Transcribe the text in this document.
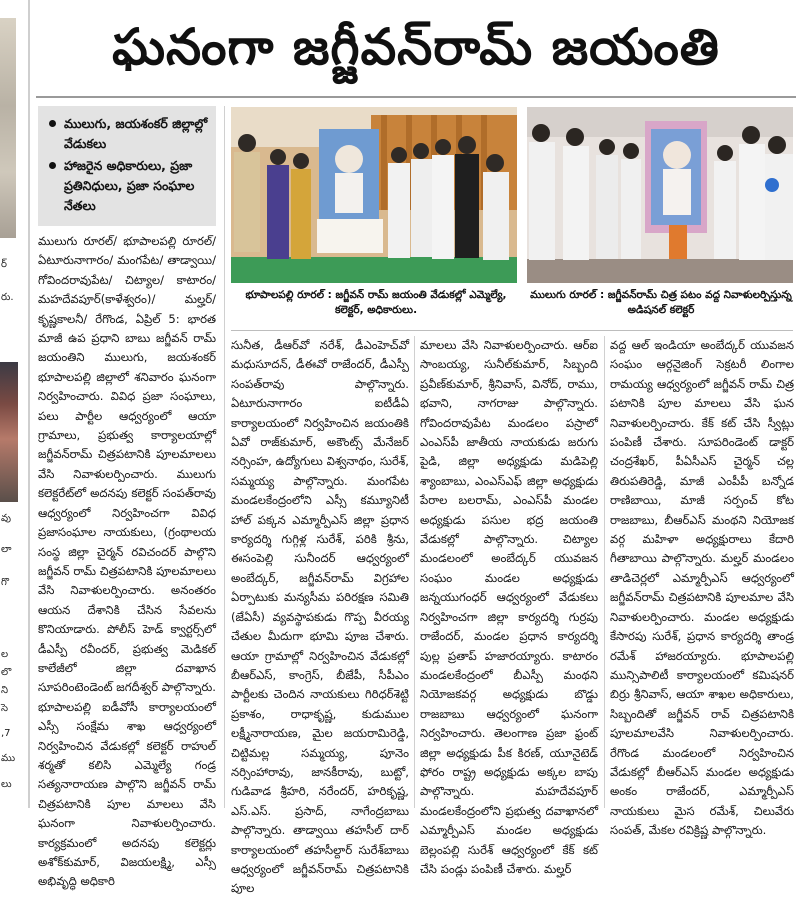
ర్
రు.
వు
లా
గొ
ల
లొ
ని
సె
,7
ము
లు
ఘనంగా జగ్జీవన్‌రామ్ జయంతి
ములుగు, జయశంకర్ జిల్లాల్లో వేడుకలు
హాజరైన అధికారులు, ప్రజా ప్రతినిధులు, ప్రజా సంఘాల నేతలు
భూపాలపల్లి రూరల్ : జగ్జీవన్ రామ్ జయంతి వేడుకల్లో ఎమ్మెల్యే, కలెక్టర్, అధికారులు.
ములుగు రూరల్ : జగ్జీవన్‌రామ్ చిత్ర పటం వద్ద నివాళులర్పిస్తున్న అడిషనల్ కలెక్టర్

ములుగు రూరల్/ భూపాలపల్లి రూరల్/ ఏటూరునాగారం/ మంగపేట/ తాడ్వాయి/ గోవిందరావుపేట/ చిట్యాల/ కాటారం/ మహదేవపూర్(కాళేశ్వరం)/ మల్హర్/ కృష్ణకాలనీ/ రేగొండ, ఏప్రిల్ 5: భారత మాజీ ఉప ప్రధాని బాబు జగ్జీవన్ రామ్ జయంతిని ములుగు, జయశంకర్ భూపాలపల్లి జిల్లాలో శనివారం ఘనంగా నిర్వహించారు. వివిధ ప్రజా సంఘాలు, పలు పార్టీల ఆధ్వర్యంలో ఆయా గ్రామాలు, ప్రభుత్వ కార్యాలయాల్లో జగ్జీవన్‌రామ్ చిత్రపటానికి పూలమాలలు వేసి నివాళులర్పించారు. ములుగు కలెక్టరేట్‌లో అదనపు కలెక్టర్ సంపత్‌రావు ఆధ్వర్యంలో నిర్వహించగా వివిధ ప్రజాసంఘాల నాయకులు, (గ్రంథాలయ సంస్థ జిల్లా చైర్మన్ రవిచందర్ పాల్గొని జగ్జీవన్ రామ్ చిత్రపటానికి పూలమాలలు వేసి నివాళులర్పించారు. అనంతరం ఆయన దేశానికి చేసిన సేవలను కొనియాడారు. పోలీస్ హెడ్ క్వార్టర్స్‌లో డీఎస్పీ రవీందర్, ప్రభుత్వ మెడికల్ కాలేజీలో జిల్లా దవాఖాన సూపరింటెండెంట్ జగదీశ్వర్ పాల్గొన్నారు. భూపాలపల్లి ఐడీవోసీ కార్యాలయంలో ఎస్సీ సంక్షేమ శాఖ ఆధ్వర్యంలో నిర్వహించిన వేడుకల్లో కలెక్టర్ రాహుల్ శర్మతో కలిసి ఎమ్మెల్యే గండ్ర సత్యనారాయణ పాల్గొని జగ్జీవన్ రామ్ చిత్రపటానికి పూల మాలలు వేసి ఘనంగా నివాళులర్పించారు. కార్యక్రమంలో అదనపు కలెక్టర్లు అశోక్‌కుమార్, విజయలక్ష్మి, ఎస్సీ అభివృద్ధి అధికారి

సునీత, డీఆర్‌వో నరేశ్, డీఎంహెచ్‌వో మధుసూదన్, డీఈవో రాజేందర్, డీఎస్పీ సంపత్‌రావు పాల్గొన్నారు. ఏటూరునాగారం ఐటీడీఏ కార్యాలయంలో నిర్వహించిన జయంతికి ఏవో రాజ్‌కుమార్, అకౌంట్స్ మేనేజర్ నర్సింహ, ఉద్యోగులు విశ్వనాథం, సురేశ్, సమ్మయ్య పాల్గొన్నారు. మంగపేట మండలకేంద్రంలోని ఎస్సీ కమ్యూనిటీ హాల్ పక్కన ఎమ్మార్పీఎస్ జిల్లా ప్రధాన కార్యదర్శి గుగ్గిళ్ల సురేశ్, పరికి శ్రీను, ఈసంపెల్లి సునీందర్ ఆధ్వర్యంలో అంబేద్కర్, జగ్జీవన్‌రామ్ విగ్రహాల ఏర్పాటుకు మన్యసీమ పరిరక్షణ సమితి (జేఏసీ) వ్యవస్థాపకుడు గొప్ప వీరయ్య చేతుల మీదుగా భూమి పూజ చేశారు. ఆయా గ్రామాల్లో నిర్వహించిన వేడుకల్లో బీఆర్‌ఎస్, కాంగ్రెస్, బీజేపీ, సీపీఎం పార్టీలకు చెందిన నాయకులు గిరిధర్‌శెట్టి ప్రకాశం, రాధాకృష్ణ, కుడుముల లక్ష్మీనారాయణ, మైల జయరామిరెడ్డి, చిట్టిమల్ల సమ్మయ్య, పూనెం నర్సింహారావు, జానకీరావు, బుట్టో, గుడివాడ శ్రీహరి, నరేందర్, హరికృష్ణ, ఎస్.ఎస్. ప్రసాద్, నాగేంద్రబాబు పాల్గొన్నారు. తాడ్వాయి తహసీల్ దార్ కార్యాలయంలో తహసీల్దార్ సురేశ్‌బాబు ఆధ్వర్యంలో జగ్జీవన్‌రామ్ చిత్రపటానికి పూల

మాలలు వేసి నివాళులర్పించారు. ఆర్‌ఐ సాంబయ్య, సునీల్‌కుమార్, సిబ్బంది ప్రవీణ్‌కుమార్, శ్రీనివాస్, వినోద్, రాము, భవాని, నాగరాజు పాల్గొన్నారు. గోవిందరావుపేట మండలం పస్రాలో ఎంఎస్‌పీ జాతీయ నాయకుడు జరుగు పైడి, జిల్లా అధ్యక్షుడు మడిపెల్లి శ్యాంబాబు, ఎంఎస్‌ఎఫ్ జిల్లా అధ్యక్షుడు పేరాల బలరామ్, ఎంఎస్‌పీ మండల అధ్యక్షుడు పసుల భద్ర జయంతి వేడుకల్లో పాల్గొన్నారు. చిట్యాల మండలంలో అంబేద్కర్ యువజన సంఘం మండల అధ్యక్షుడు జన్నయుగంధర్ ఆధ్వర్యంలో వేడుకలు నిర్వహించగా జిల్లా కార్యదర్శి గుర్రపు రాజేందర్, మండల ప్రధాన కార్యదర్శి పుల్ల ప్రతాప్ హజారయ్యారు. కాటారం మండలకేంద్రంలో బీఎస్పీ మంథని నియోజకవర్గ అధ్యక్షుడు బొడ్డు రాజబాబు ఆధ్వర్యంలో ఘనంగా నిర్వహించారు. తెలంగాణ ప్రజా ఫ్రంట్ జిల్లా అధ్యక్షుడు పీక కిరణ్, యూనైటెడ్ ఫోరం రాష్ట్ర అధ్యక్షుడు అక్కల బాపు పాల్గొన్నారు. మహదేవపూర్ మండలకేంద్రంలోని ప్రభుత్వ దవాఖానలో ఎమ్మార్పీఎస్ మండల అధ్యక్షుడు బెల్లంపల్లి సురేశ్ ఆధ్వర్యంలో కేక్ కట్ చేసి పండ్లు పంపిణీ చేశారు. మల్హర్

వద్ద ఆల్ ఇండియా అంబేద్కర్ యువజన సంఘం ఆర్గనైజింగ్ సెక్రటరీ లింగాల రామయ్య ఆధ్వర్యంలో జగ్జీవన్ రామ్ చిత్ర పటానికి పూల మాలలు వేసి ఘన నివాళులర్పించారు. కేక్ కట్ చేసి స్వీట్లు పంపిణీ చేశారు. సూపరిండెంట్ డాక్టర్ చంద్రశేఖర్, పీఏసీఎస్ చైర్మన్ చల్ల తిరుపతిరెడ్డి, మాజీ ఎంపీపీ బన్నోడ రాణిబాయి, మాజీ సర్పంచ్ కోట రాజబాబు, బీఆర్ఎస్ మంథని నియోజక వర్గ మహిళా అధ్యక్షురాలు కేదారి గీతాబాయి పాల్గొన్నారు. మల్హర్ మండలం తాడిచెర్లలో ఎమ్మార్పీఎస్ ఆధ్వర్యంలో జగ్జీవన్‌రామ్ చిత్రపటానికి పూలమాల వేసి నివాళులర్పించారు. మండల అధ్యక్షుడు కేసారపు సురేశ్, ప్రధాన కార్యదర్శి తాండ్ర రమేశ్ హాజరయ్యారు. భూపాలపల్లి మున్సిపాలిటీ కార్యాలయంలో కమిషనర్ బిర్రు శ్రీనివాస్, ఆయా శాఖల అధికారులు, సిబ్బందితో జగ్జీవన్ రావ్ చిత్రపటానికి పూలమాలవేసి నివాళులర్పించారు. రేగొండ మండలంలో నిర్వహించిన వేడుకల్లో బీఆర్ఎస్ మండల అధ్యక్షుడు అంకం రాజేందర్, ఎమ్మార్పీఎస్ నాయకులు మైస రమేశ్, చిలువేరు సంపత్, మేకల రవిక్రిష్ణ పాల్గొన్నారు.
